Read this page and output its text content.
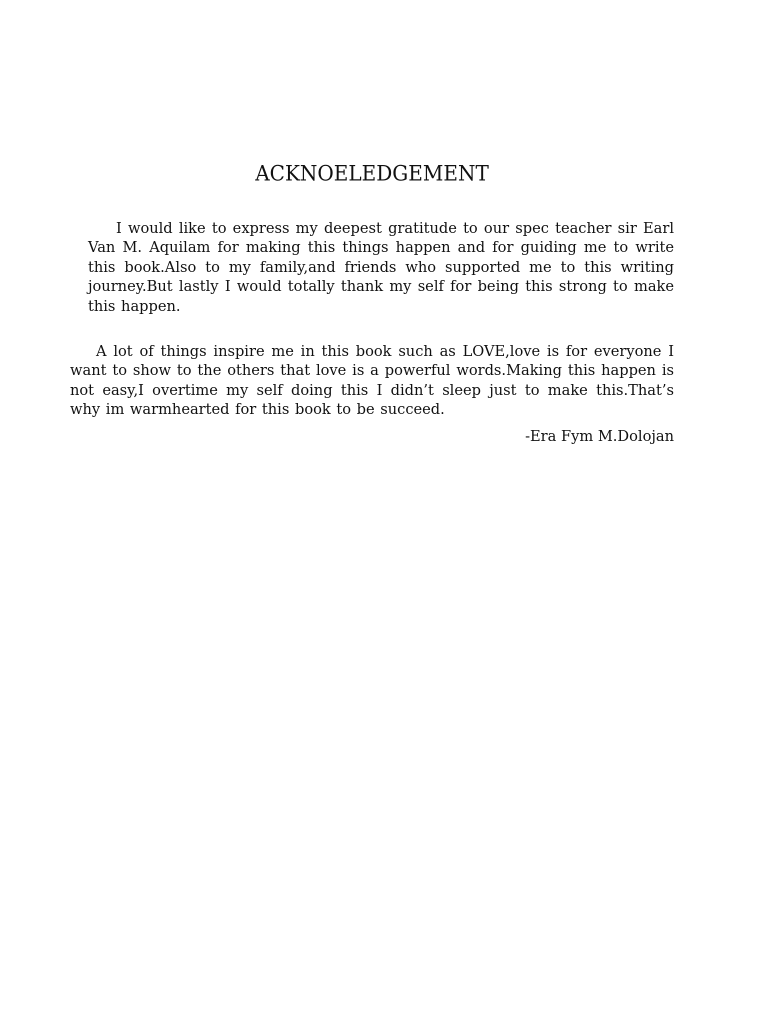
ACKNOELEDGEMENT

I would like to express my deepest gratitude to our spec teacher sir Earl Van M. Aquilam for making this things happen and for guiding me to write this book.Also to my family,and friends who supported me to this writing journey.But lastly I would totally thank my self for being this strong to make this happen.

A lot of things inspire me in this book such as LOVE,love is for everyone I want to show to the others that love is a powerful words.Making this happen is not easy,I overtime my self doing this I didn’t sleep just to make this.That’s why im warmhearted for this book to be succeed.

-Era Fym M.Dolojan
